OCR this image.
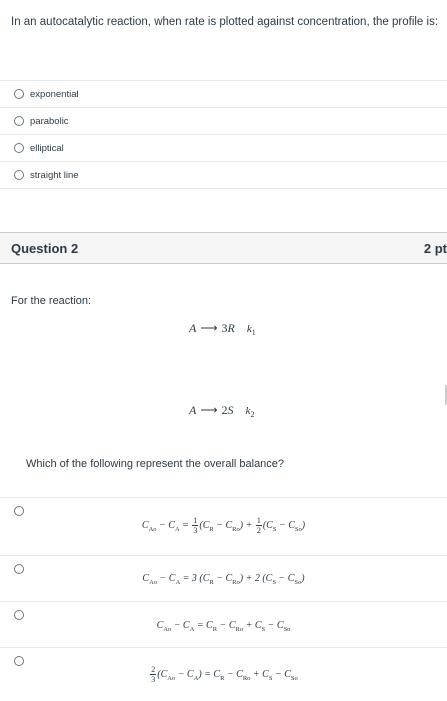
In an autocatalytic reaction, when rate is plotted against concentration, the profile is:
exponential
parabolic
elliptical
straight line
Question 2	2 pt
For the reaction:
A ⟶ 3R $k_1$
A ⟶ 2S $k_2$
Which of the following represent the overall balance?
$C_{Ao} - C_A = \frac{1}{3} (C_R - C_{Ro}) + \frac{1}{2} (C_S - C_{So})$
$C_{Ao} - C_A = 3$ $(C_R - C_{Ro}) + 2$ $(C_S - C_{So})$
$C_{Ao} - C_A = C_R - C_{Ro} + C_S - C_{So}$
$\frac{2}{3} (C_{Ao} - C_A) = C_R - C_{Ro} + C_S - C_{So}$
